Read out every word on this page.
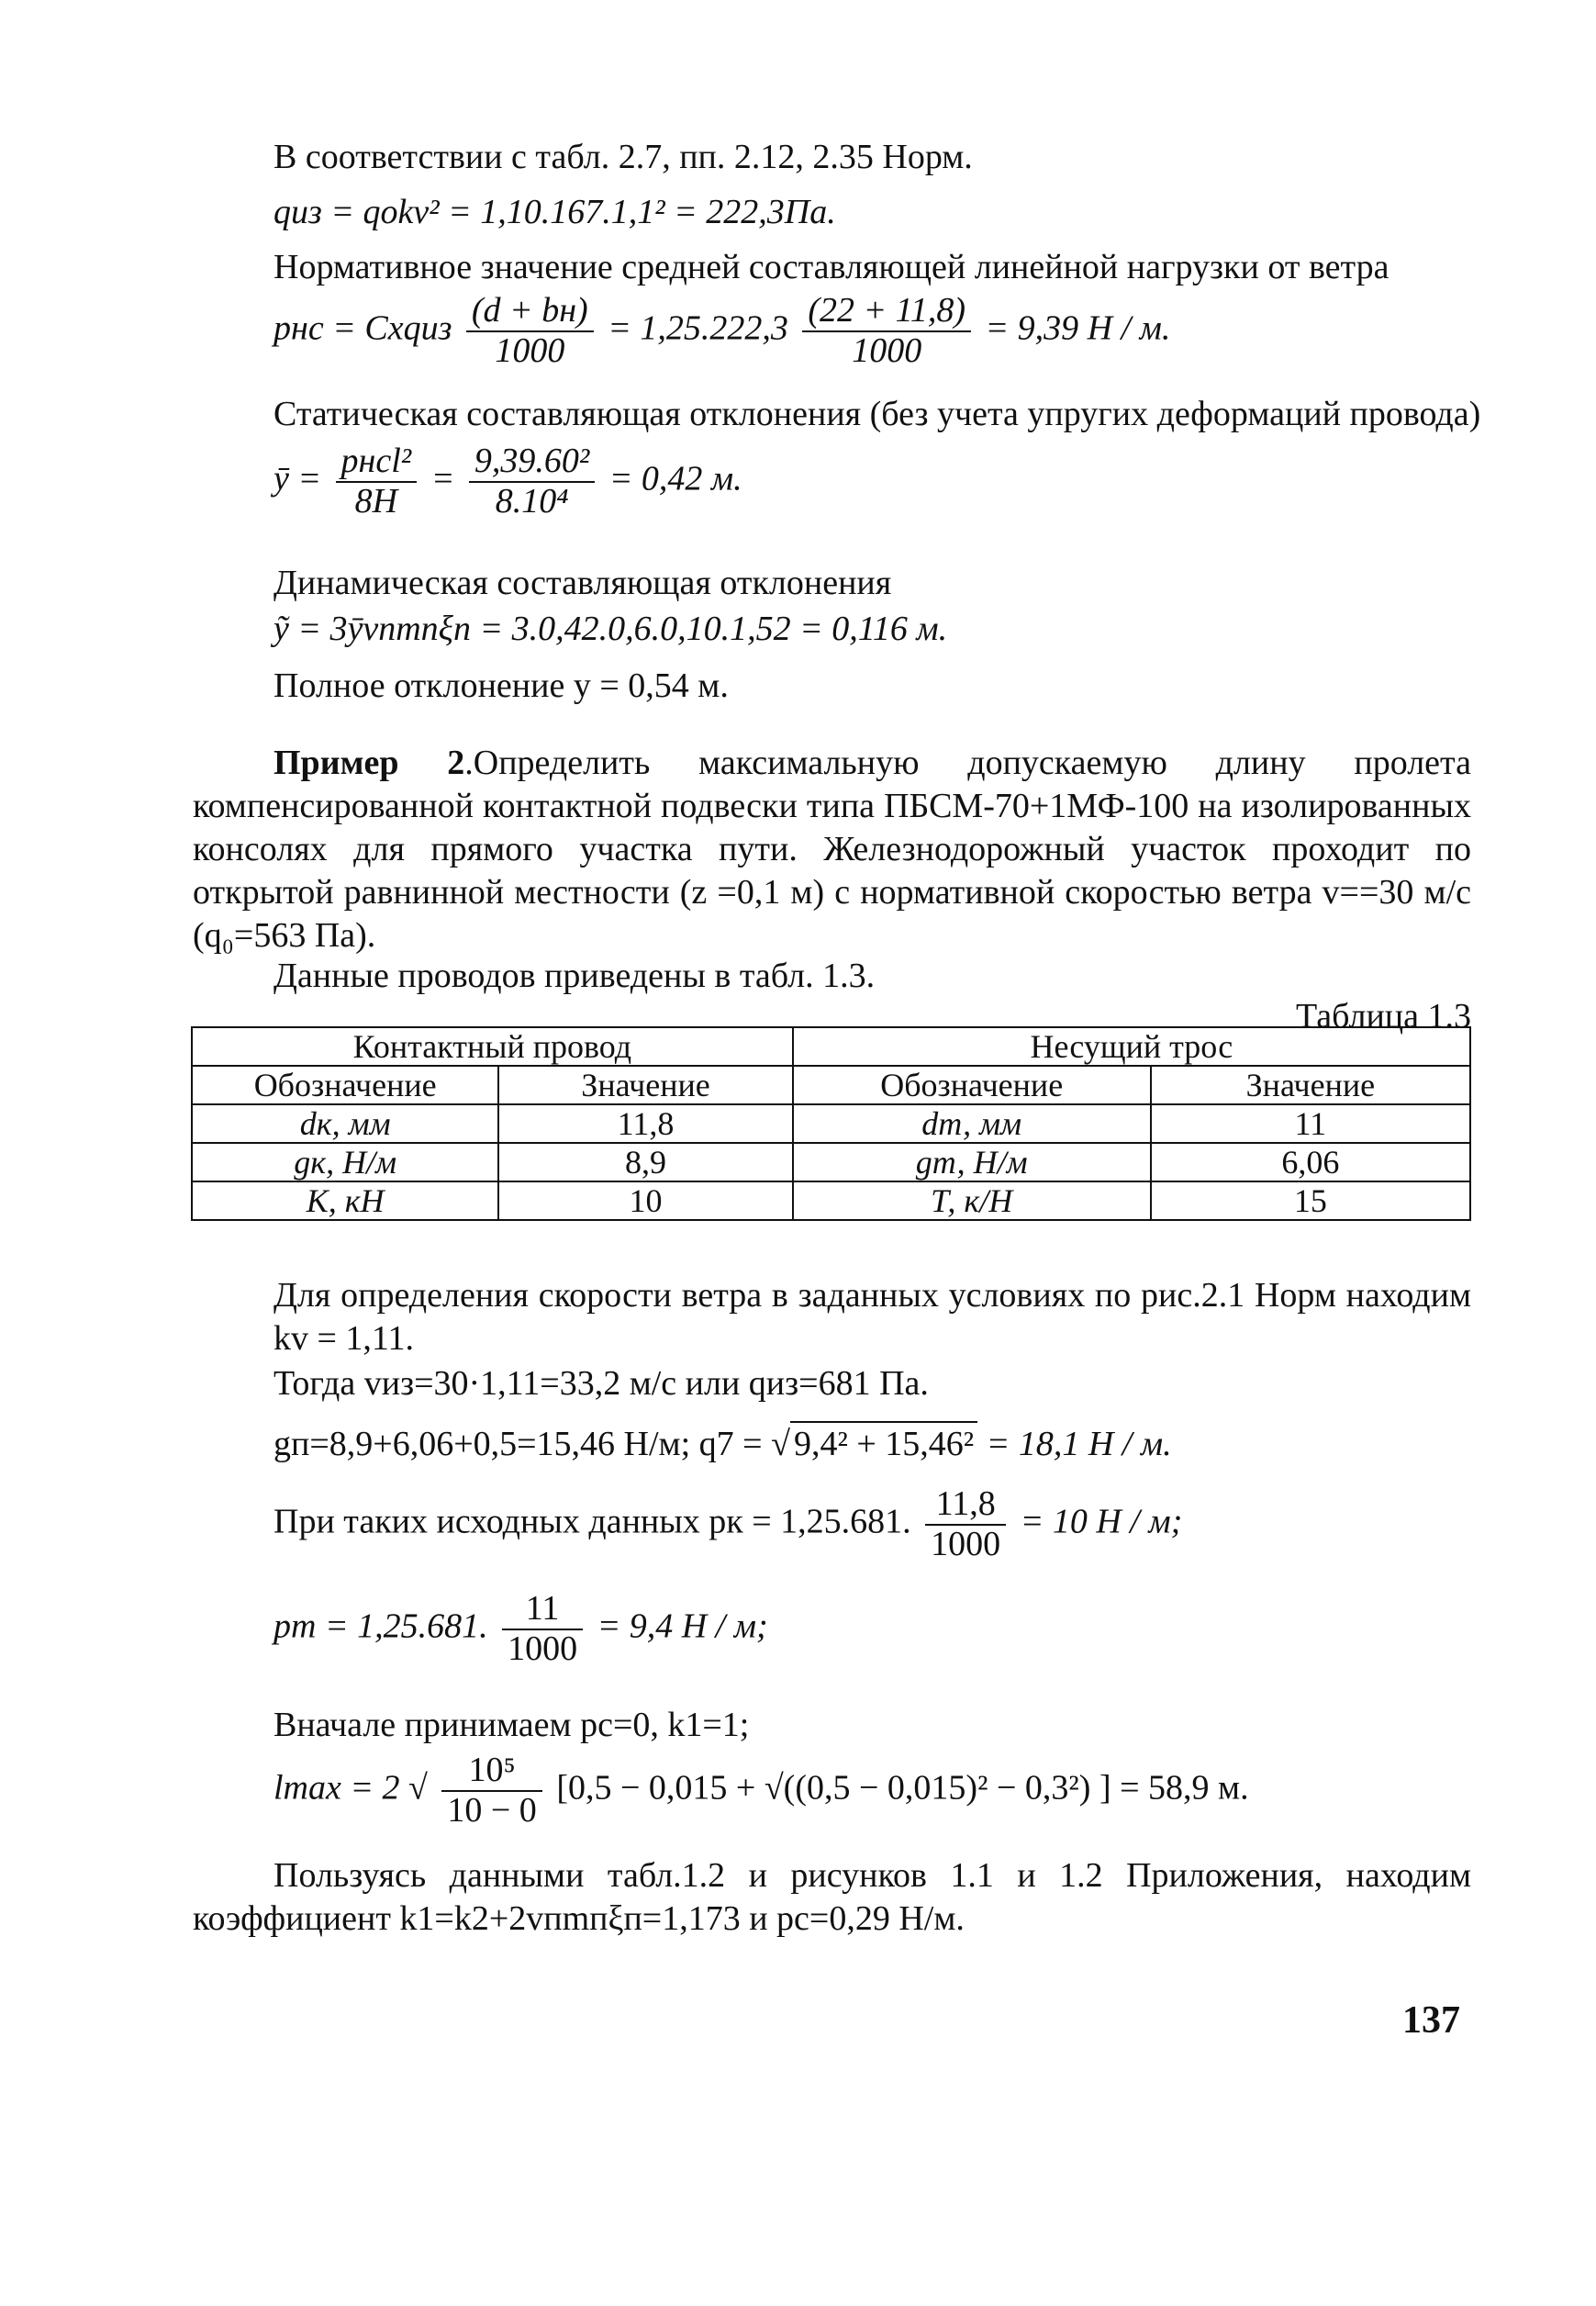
В соответствии с табл. 2.7, пп. 2.12, 2.35 Норм.
qиз = qokv² = 1,10.167.1,1² = 222,3Па.
Нормативное значение средней составляющей линейной нагрузки от ветра
pнc = Cxqиз $\frac{(d + bн)}{1000} = 1,25.222,3 \frac{(22 + 11,8)}{1000} = 9,39$ Н / м.
Статическая составляющая отклонения (без учета упругих деформаций провода)
ȳ = $\frac{\text{pнcl²}}{8H} = \frac{\text{9,39.60²}}{\text{8.10⁴}} = 0,42$ м.
Динамическая составляющая отклонения
ỹ = 3ȳvпmпξп = 3.0,42.0,6.0,10.1,52 = 0,116 м.
Полное отклонение y = 0,54 м.
Пример 2.Определить максимальную допускаемую длину пролета компенсированной контактной подвески типа ПБСМ-70+1МФ-100 на изолированных консолях для прямого участка пути. Железнодорожный участок проходит по открытой равнинной местности (z =0,1 м) с нормативной скоростью ветра v==30 м/с (q₀=563 Па).
Данные проводов приведены в табл. 1.3.
Таблица 1.3
Контактный провод		Несущий трос	
Обозначение	Значение	Обозначение	Значение
dк, мм	11,8	dт, мм	11
gк, Н/м	8,9	gт, Н/м	6,06
К, кН	10	Т, к/Н	15
Для определения скорости ветра в заданных условиях по рис.2.1 Норм находим kv = 1,11.
Тогда vиз=30·1,11=33,2 м/с или qиз=681 Па.
gп=8,9+6,06+0,5=15,46 Н/м; q7 = √ 9,4² + 15,46² = 18,1 Н / м.
При таких исходных данных pк = 1,25.681. $\frac{11,8}{1000} = 10$ Н / м;
pт = 1,25.681. $\frac{11}{1000} = 9,4$ Н / м;
Вначале принимаем pc=0, k1=1;
lmax = 2 √ $\frac{\text{10⁵}}{10 - 0} [0,5 - 0,015 + √((0,5 - 0,015)^2 - 0,3^2)$ ] = 58,9 м.
Пользуясь данными табл.1.2 и рисунков 1.1 и 1.2 Приложения, находим коэффициент k1=k2+2vпmпξп=1,173 и pc=0,29 Н/м.
137
